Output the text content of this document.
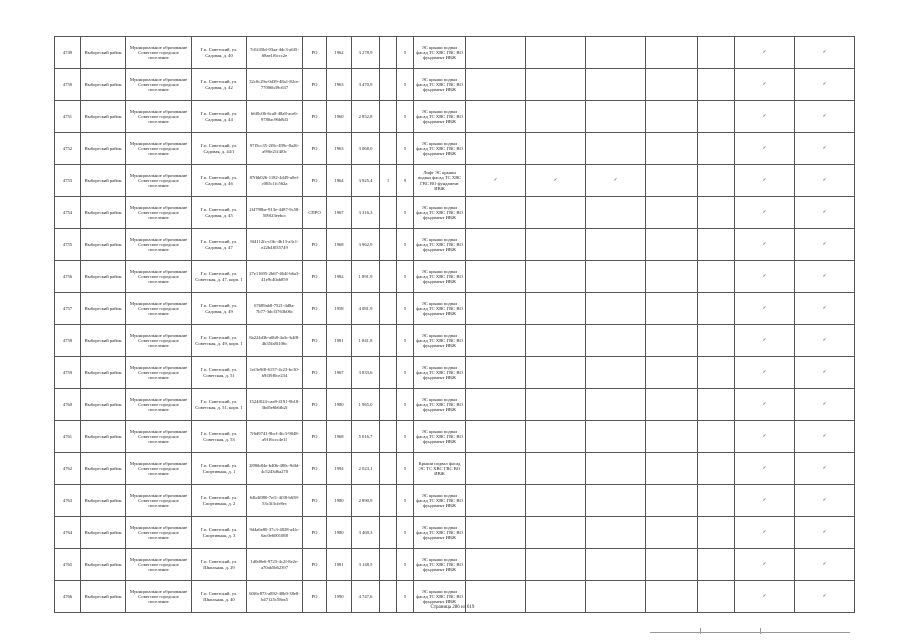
4749	Выборгский район	Муниципальное образование Советское городское поселение	Г.п. Советский, ул. Садовая, д. 40	7d1f45bf-03aa-4dc3-a6f5-68ae1f6ccc2e	РО	1962	3 278,9		5	ЭС крыши подвал фасад ТС ХВС ГВС ВО фундамент ИВЖ						✓	✓
4750	Выборгский район	Муниципальное образование Советское городское поселение	Г.п. Советский, ул. Садовая, д. 42	32c0c29a-0d39-48a1-82ce-77006b39c637	РО	1963	3 470,9		5	ЭС крыши подвал фасад ТС ХВС ГВС ВО фундамент ИВЖ						✓	✓
4751	Выборгский район	Муниципальное образование Советское городское поселение	Г.п. Советский, ул. Садовая, д. 44	b6f0c06-6ca0-48a8-ace6-9780ac96b8d3	РО	1960	2 852,8		5	ЭС крыши подвал фасад ТС ХВС ГВС ВО фундамент ИВЖ						✓	✓
4752	Выборгский район	Муниципальное образование Советское городское поселение	Г.п. Советский, ул. Садовая, д. 44/1	97f5cc35-2f8c-499c-8a26-a99fe21f4f0c	РО	1963	3 068,0		5	ЭС крыши подвал фасад ТС ХВС ГВС ВО фундамент ИВЖ						✓	✓
4753	Выборгский район	Муниципальное образование Советское городское поселение	Г.п. Советский, ул. Садовая, д. 46	87f6b026-1182-4d49-a0ef-c065c1fc562a	РО	1964	3 925,4	1	9	Лифт ЭС крыши подвал фасад ТС ХВС ГВС ВО фундамент ИВЖ	✓	✓	✓			✓	✓
4754	Выборгский район	Муниципальное образование Советское городское поселение	Г.п. Советский, ул. Садовая, д. 45	2f4798be-913e-4487-9c58-509f23eebcc	СПРО	1967	3 316,3		5	ЭС крыши подвал фасад ТС ХВС ГВС ВО фундамент ИВЖ						✓	✓
4755	Выборгский район	Муниципальное образование Советское городское поселение	Г.п. Советский, ул. Садовая, д. 47	8f4112fc-c0fc-4b13-a3c1-e22b4f035749	РО	1968	3 962,9		5	ЭС крыши подвал фасад ТС ХВС ГВС ВО фундамент ИВЖ						✓	✓
4756	Выборгский район	Муниципальное образование Советское городское поселение	Г.п. Советский, ул. Советская, д. 47, корп. 1	27e11695-2b67-464f-b6a3-41e9c40ab859	РО	1982	1 891,9		5	ЭС крыши подвал фасад ТС ХВС ГВС ВО фундамент ИВЖ						✓	✓
4757	Выборгский район	Муниципальное образование Советское городское поселение	Г.п. Советский, ул. Садовая, д. 49	67689ab8-7521-4d8a-7b77-3dcf3763b06c	РО	1958	4 081,9		5	ЭС крыши подвал фасад ТС ХВС ГВС ВО фундамент ИВЖ						✓	✓
4758	Выборгский район	Муниципальное образование Советское городское поселение	Г.п. Советский, ул. Советская, д. 49, корп. 1	8a224d3b-a0b8-4a3c-b4f8-4b35fa8f106c	РО	1981	1 841,8		5	ЭС крыши подвал фасад ТС ХВС ГВС ВО фундамент ИВЖ						✓	✓
4759	Выборгский район	Муниципальное образование Советское городское поселение	Г.п. Советский, ул. Советская, д. 51	1ef3e9f8-6157-4c23-bc30-b9f39f0ce234	РО	1967	3 833,6		5	ЭС крыши подвал фасад ТС ХВС ГВС ВО фундамент ИВЖ						✓	✓
4760	Выборгский район	Муниципальное образование Советское городское поселение	Г.п. Советский, ул. Советская, д. 51, корп. 1	1524f024-cae8-4191-9b18-3bd5e6b6fb2f	РО	1980	1 965,0		5	ЭС крыши подвал фасад ТС ХВС ГВС ВО фундамент ИВЖ						✓	✓
4761	Выборгский район	Муниципальное образование Советское городское поселение	Г.п. Советский, ул. Советская, д. 53	7f6d9741-9bcf-4fc3-9048-a9f16ccc4e1f	РО	1968	5 016,7		5	ЭС крыши подвал фасад ТС ХВС ГВС ВО фундамент ИВЖ						✓	✓
4762	Выборгский район	Муниципальное образование Советское городское поселение	Г.п. Советский, ул. Спортивная, д. 1	2896b84e-b40b-480c-9dfd-4c5243d6a270	РО	1994	2 023,1		5	Крыши подвал фасад ЭС ТС ХВС ГВС ВО ИВЖ						✓	✓
4763	Выборгский район	Муниципальное образование Советское городское поселение	Г.п. Советский, ул. Спортивная, д. 2	64b4f080-7ef1-4f38-b658-53c3f3cfe8ec	РО	1980	2 890,9		5	ЭС крыши подвал фасад ТС ХВС ГВС ВО фундамент ИВЖ						✓	✓
4764	Выборгский район	Муниципальное образование Советское городское поселение	Г.п. Советский, ул. Спортивная, д. 3	9d4a6e80-37c3-4828-a4fc-6ac0e6001088	РО	1980	3 469,3		5	ЭС крыши подвал фасад ТС ХВС ГВС ВО фундамент ИВЖ						✓	✓
4765	Выборгский район	Муниципальное образование Советское городское поселение	Г.п. Советский, ул. Школьная, д. 29	1d0d0e6-9723-4c2f-8e2e-a70ab5b62397	РО	1981	3 148,5		5	ЭС крыши подвал фасад ТС ХВС ГВС ВО фундамент ИВЖ						✓	✓
4766	Выборгский район	Муниципальное образование Советское городское поселение	Г.п. Советский, ул. Школьная, д. 40	60f6c873-a892-40b9-38e8-b47125c58ea5	РО	1990	4 747,6		5	ЭС крыши подвал фасад ТС ХВС ГВС ВО фундамент ИВЖ						✓	✓
Страница 286 из 619
